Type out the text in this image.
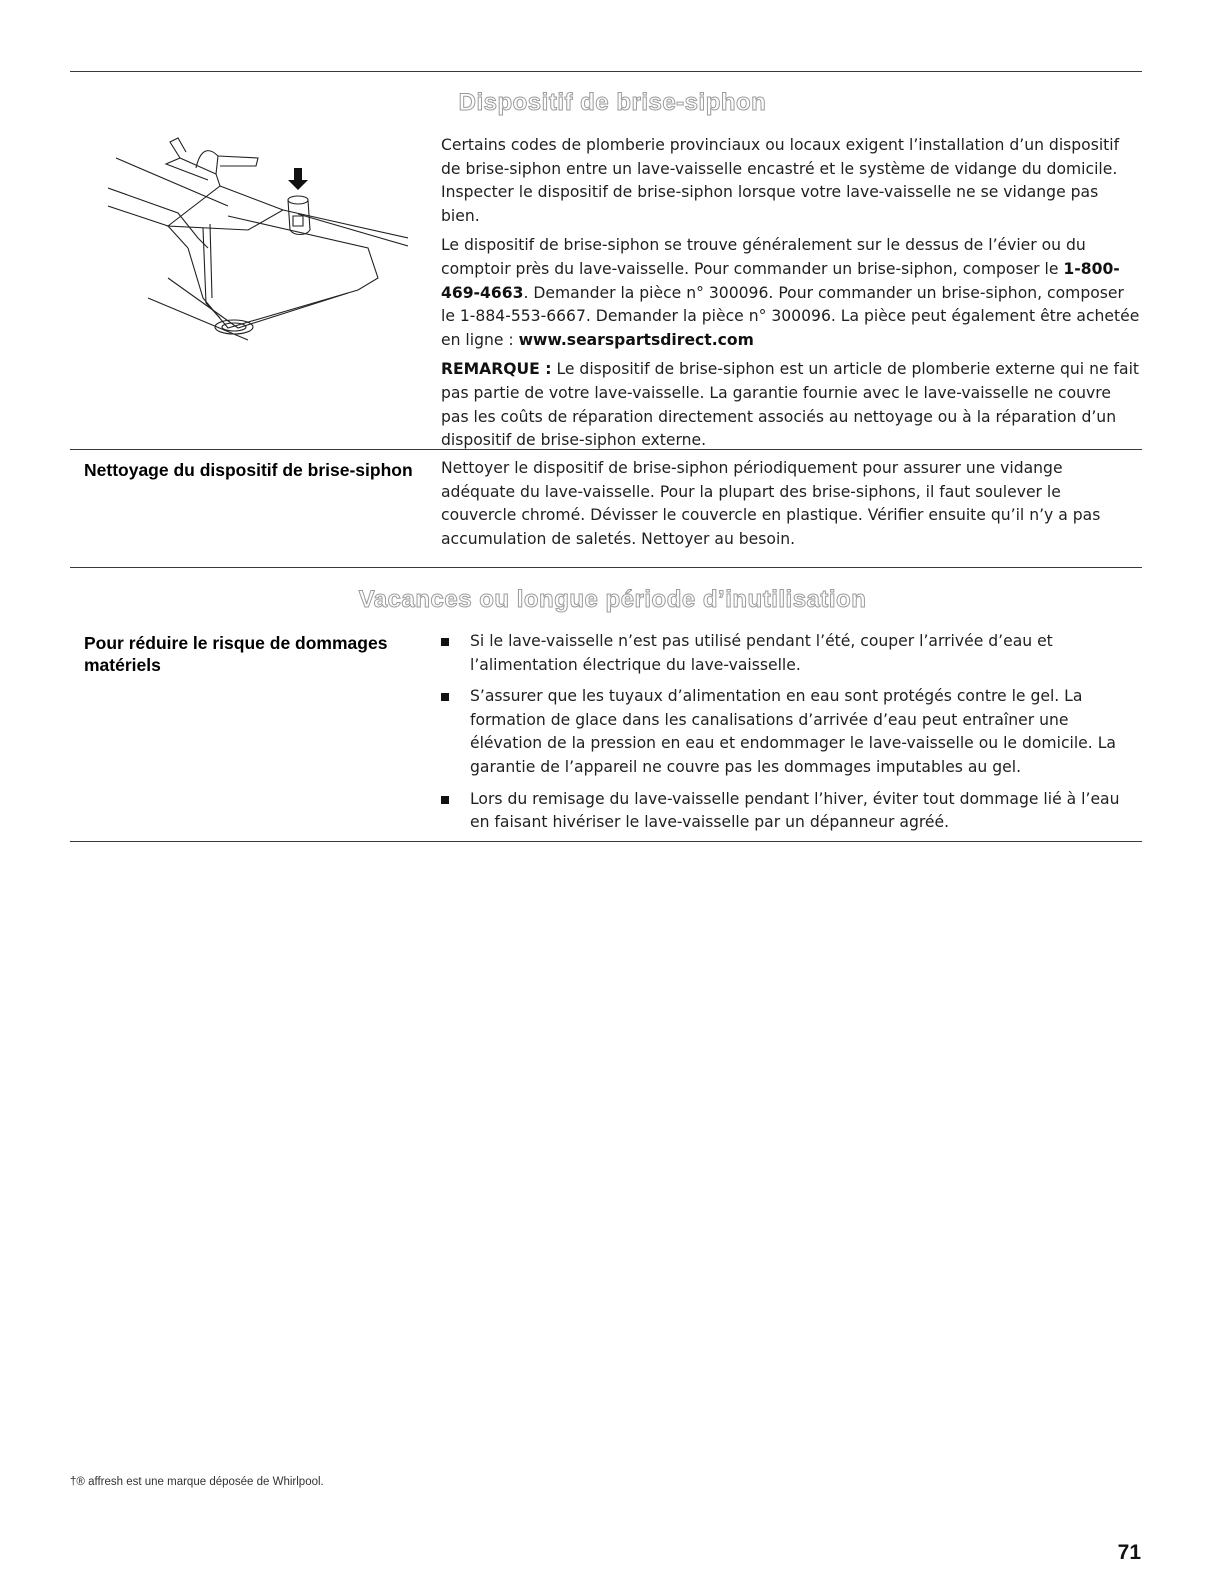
Dispositif de brise-siphon

Certains codes de plomberie provinciaux ou locaux exigent l’installation d’un dispositif de brise-siphon entre un lave-vaisselle encastré et le système de vidange du domicile. Inspecter le dispositif de brise-siphon lorsque votre lave-vaisselle ne se vidange pas bien.

Le dispositif de brise-siphon se trouve généralement sur le dessus de l’évier ou du comptoir près du lave-vaisselle. Pour commander un brise-siphon, composer le 1-800-469-4663. Demander la pièce n° 300096. Pour commander un brise-siphon, composer le 1-884-553-6667. Demander la pièce n° 300096. La pièce peut également être achetée en ligne : www.searspartsdirect.com

REMARQUE : Le dispositif de brise-siphon est un article de plomberie externe qui ne fait pas partie de votre lave-vaisselle. La garantie fournie avec le lave-vaisselle ne couvre pas les coûts de réparation directement associés au nettoyage ou à la réparation d’un dispositif de brise-siphon externe.

Nettoyage du dispositif de brise-siphon Nettoyer le dispositif de brise-siphon périodiquement pour assurer une vidange adéquate du lave-vaisselle. Pour la plupart des brise-siphons, il faut soulever le couvercle chromé. Dévisser le couvercle en plastique. Vérifier ensuite qu’il n’y a pas accumulation de saletés. Nettoyer au besoin.

Vacances ou longue période d’inutilisation
Pour réduire le risque de dommages matériels
Si le lave-vaisselle n’est pas utilisé pendant l’été, couper l’arrivée d’eau et l’alimentation électrique du lave-vaisselle.
S’assurer que les tuyaux d’alimentation en eau sont protégés contre le gel. La formation de glace dans les canalisations d’arrivée d’eau peut entraîner une élévation de la pression en eau et endommager le lave-vaisselle ou le domicile. La garantie de l’appareil ne couvre pas les dommages imputables au gel.
Lors du remisage du lave-vaisselle pendant l’hiver, éviter tout dommage lié à l’eau en faisant hivériser le lave-vaisselle par un dépanneur agréé.
†® affresh est une marque déposée de Whirlpool.
71
